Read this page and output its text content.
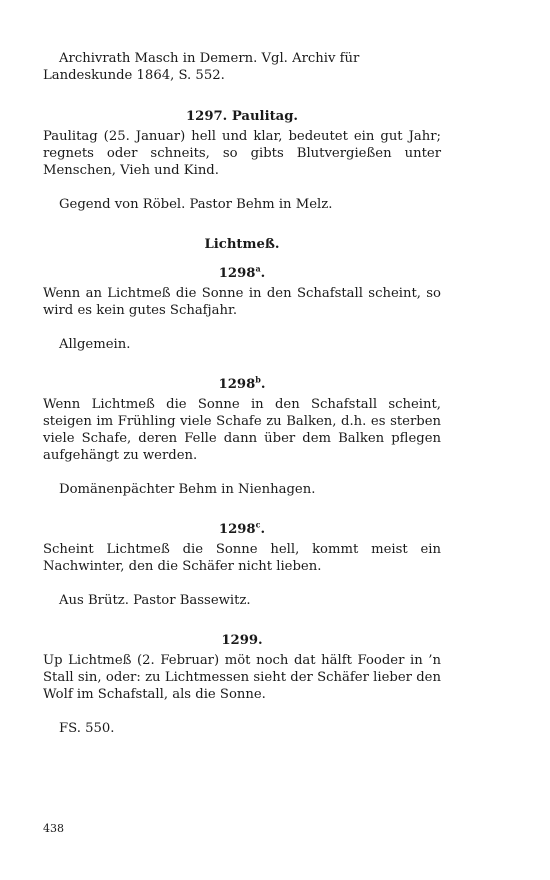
Archivrath Masch in Demern. Vgl. Archiv für Landeskunde 1864, S. 552.

1297. Paulitag.

Paulitag (25. Januar) hell und klar, bedeutet ein gut Jahr; regnets oder schneits, so gibts Blutvergießen unter Menschen, Vieh und Kind.

Gegend von Röbel. Pastor Behm in Melz.

Lichtmeß.

1298$^a$.

Wenn an Lichtmeß die Sonne in den Schafstall scheint, so wird es kein gutes Schafjahr.

Allgemein.

1298$^b$.

Wenn Lichtmeß die Sonne in den Schafstall scheint, steigen im Frühling viele Schafe zu Balken, d.h. es sterben viele Schafe, deren Felle dann über dem Balken pflegen aufgehängt zu werden.

Domänenpächter Behm in Nienhagen.

1298$^c$.

Scheint Lichtmeß die Sonne hell, kommt meist ein Nachwinter, den die Schäfer nicht lieben.

Aus Brütz. Pastor Bassewitz.

1299.

Up Lichtmeß (2. Februar) möt noch dat hälft Fooder in ’n Stall sin, oder: zu Lichtmessen sieht der Schäfer lieber den Wolf im Schafstall, als die Sonne.

FS. 550.

438
